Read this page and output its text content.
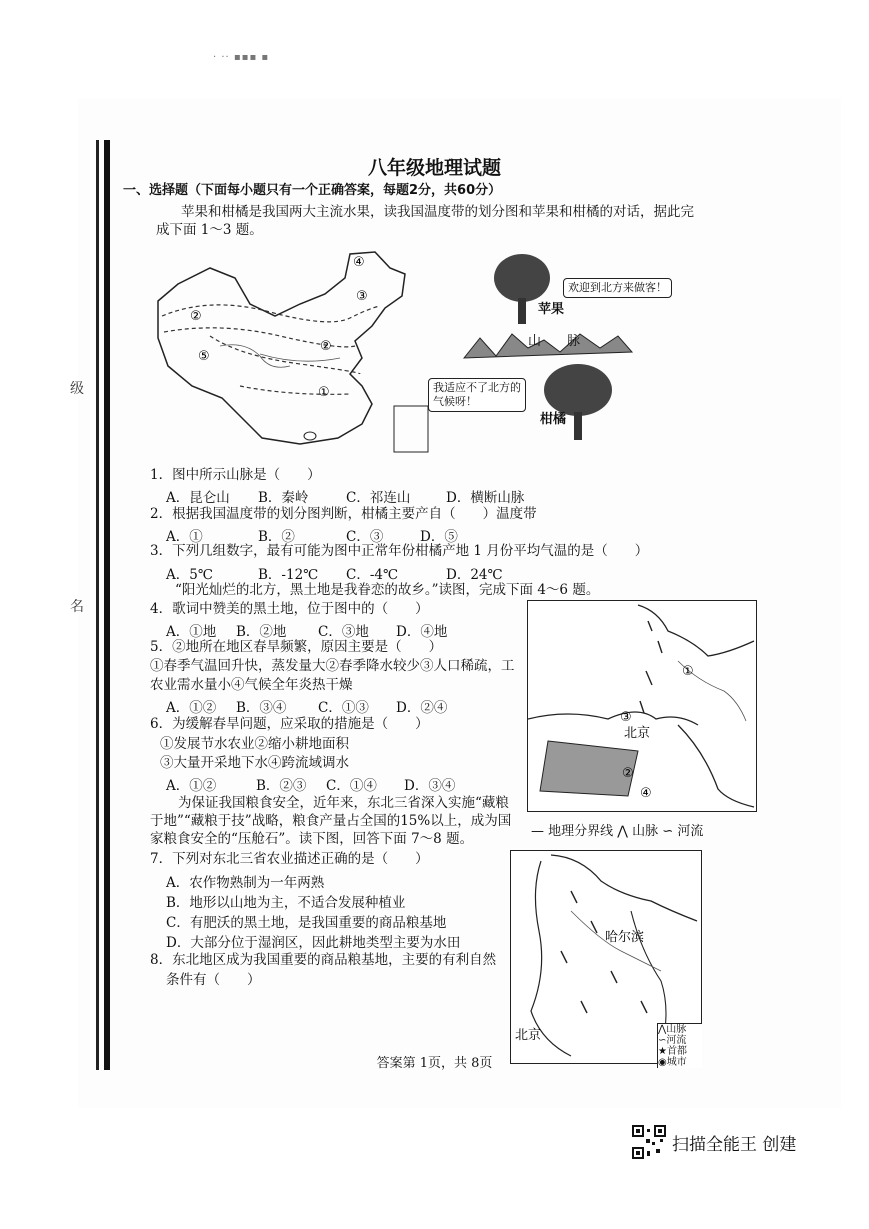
· ·· ▪▪▪ ▪
级
名
八年级地理试题
一、选择题（下面每小题只有一个正确答案，每题2分，共60分）
苹果和柑橘是我国两大主流水果，读我国温度带的划分图和苹果和柑橘的对话，据此完
成下面 1～3 题。
①
②
②
③
④
⑤
苹果
柑橘
山　　脉
欢迎到北方来做客！
我适应不了北方的
气候呀！
1．图中所示山脉是（　　）
A．昆仑山 B．秦岭	C．祁连山	D．横断山脉
2．根据我国温度带的划分图判断，柑橘主要产自（　　）温度带
A．①	B．②	C．③	D．⑤
3．下列几组数字，最有可能为图中正常年份柑橘产地 1 月份平均气温的是（　　）
A．5℃	B．-12℃ C．-4℃	D．24℃
“阳光灿烂的北方，黑土地是我眷恋的故乡。”读图，完成下面 4～6 题。
4．歌词中赞美的黑土地，位于图中的（　　）
A．①地 B．②地 C．③地 D．④地
5．②地所在地区春旱频繁，原因主要是（　　）
①春季气温回升快，蒸发量大②春季降水较少③人口稀疏，工
农业需水量小④气候全年炎热干燥
A．①② B．③④ C．①③ D．②④
6．为缓解春旱问题，应采取的措施是（　　）
①发展节水农业②缩小耕地面积
③大量开采地下水④跨流域调水
A．①②	B．②③ C．①④ D．③④
①
②
③
④
北京
— 地理分界线 ⋀ 山脉 ∽ 河流
为保证我国粮食安全，近年来，东北三省深入实施“藏粮
于地”“藏粮于技”战略，粮食产量占全国的15%以上，成为国
家粮食安全的“压舱石”。读下图，回答下面 7～8 题。
7．下列对东北三省农业描述正确的是（　　）
A．农作物熟制为一年两熟
B．地形以山地为主，不适合发展种植业
C．有肥沃的黑土地，是我国重要的商品粮基地
D．大部分位于湿润区，因此耕地类型主要为水田
8．东北地区成为我国重要的商品粮基地，主要的有利自然
条件有（　　）
哈尔滨
北京	⋀山脉
∽河流
★首都
◉城市
答案第 1页，共 8页
扫描全能王 创建
